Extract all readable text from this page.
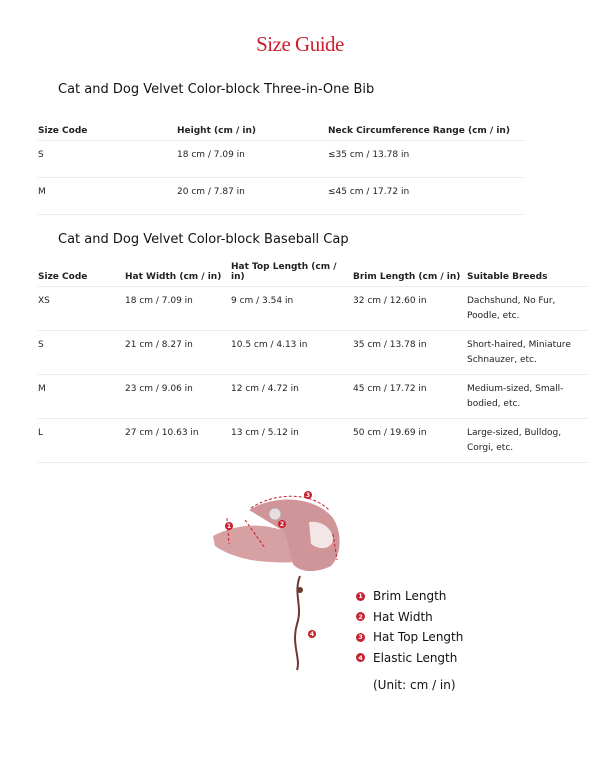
Size Guide
Cat and Dog Velvet Color-block Three-in-One Bib
Size Code	Height (cm / in)	Neck Circumference Range (cm / in)
S	18 cm / 7.09 in	≤35 cm / 13.78 in
M	20 cm / 7.87 in	≤45 cm / 17.72 in
Cat and Dog Velvet Color-block Baseball Cap
Size Code	Hat Width (cm / in)	Hat Top Length (cm / in)	Brim Length (cm / in)	Suitable Breeds
XS	18 cm / 7.09 in	9 cm / 3.54 in	32 cm / 12.60 in	Dachshund, No Fur, Poodle, etc.
S	21 cm / 8.27 in	10.5 cm / 4.13 in	35 cm / 13.78 in	Short-haired, Miniature Schnauzer, etc.
M	23 cm / 9.06 in	12 cm / 4.72 in	45 cm / 17.72 in	Medium-sized, Small-bodied, etc.
L	27 cm / 10.63 in	13 cm / 5.12 in	50 cm / 19.69 in	Large-sized, Bulldog, Corgi, etc.
1	2
3
4
1 Brim Length
2 Hat Width
3 Hat Top Length
4 Elastic Length
(Unit: cm / in)
